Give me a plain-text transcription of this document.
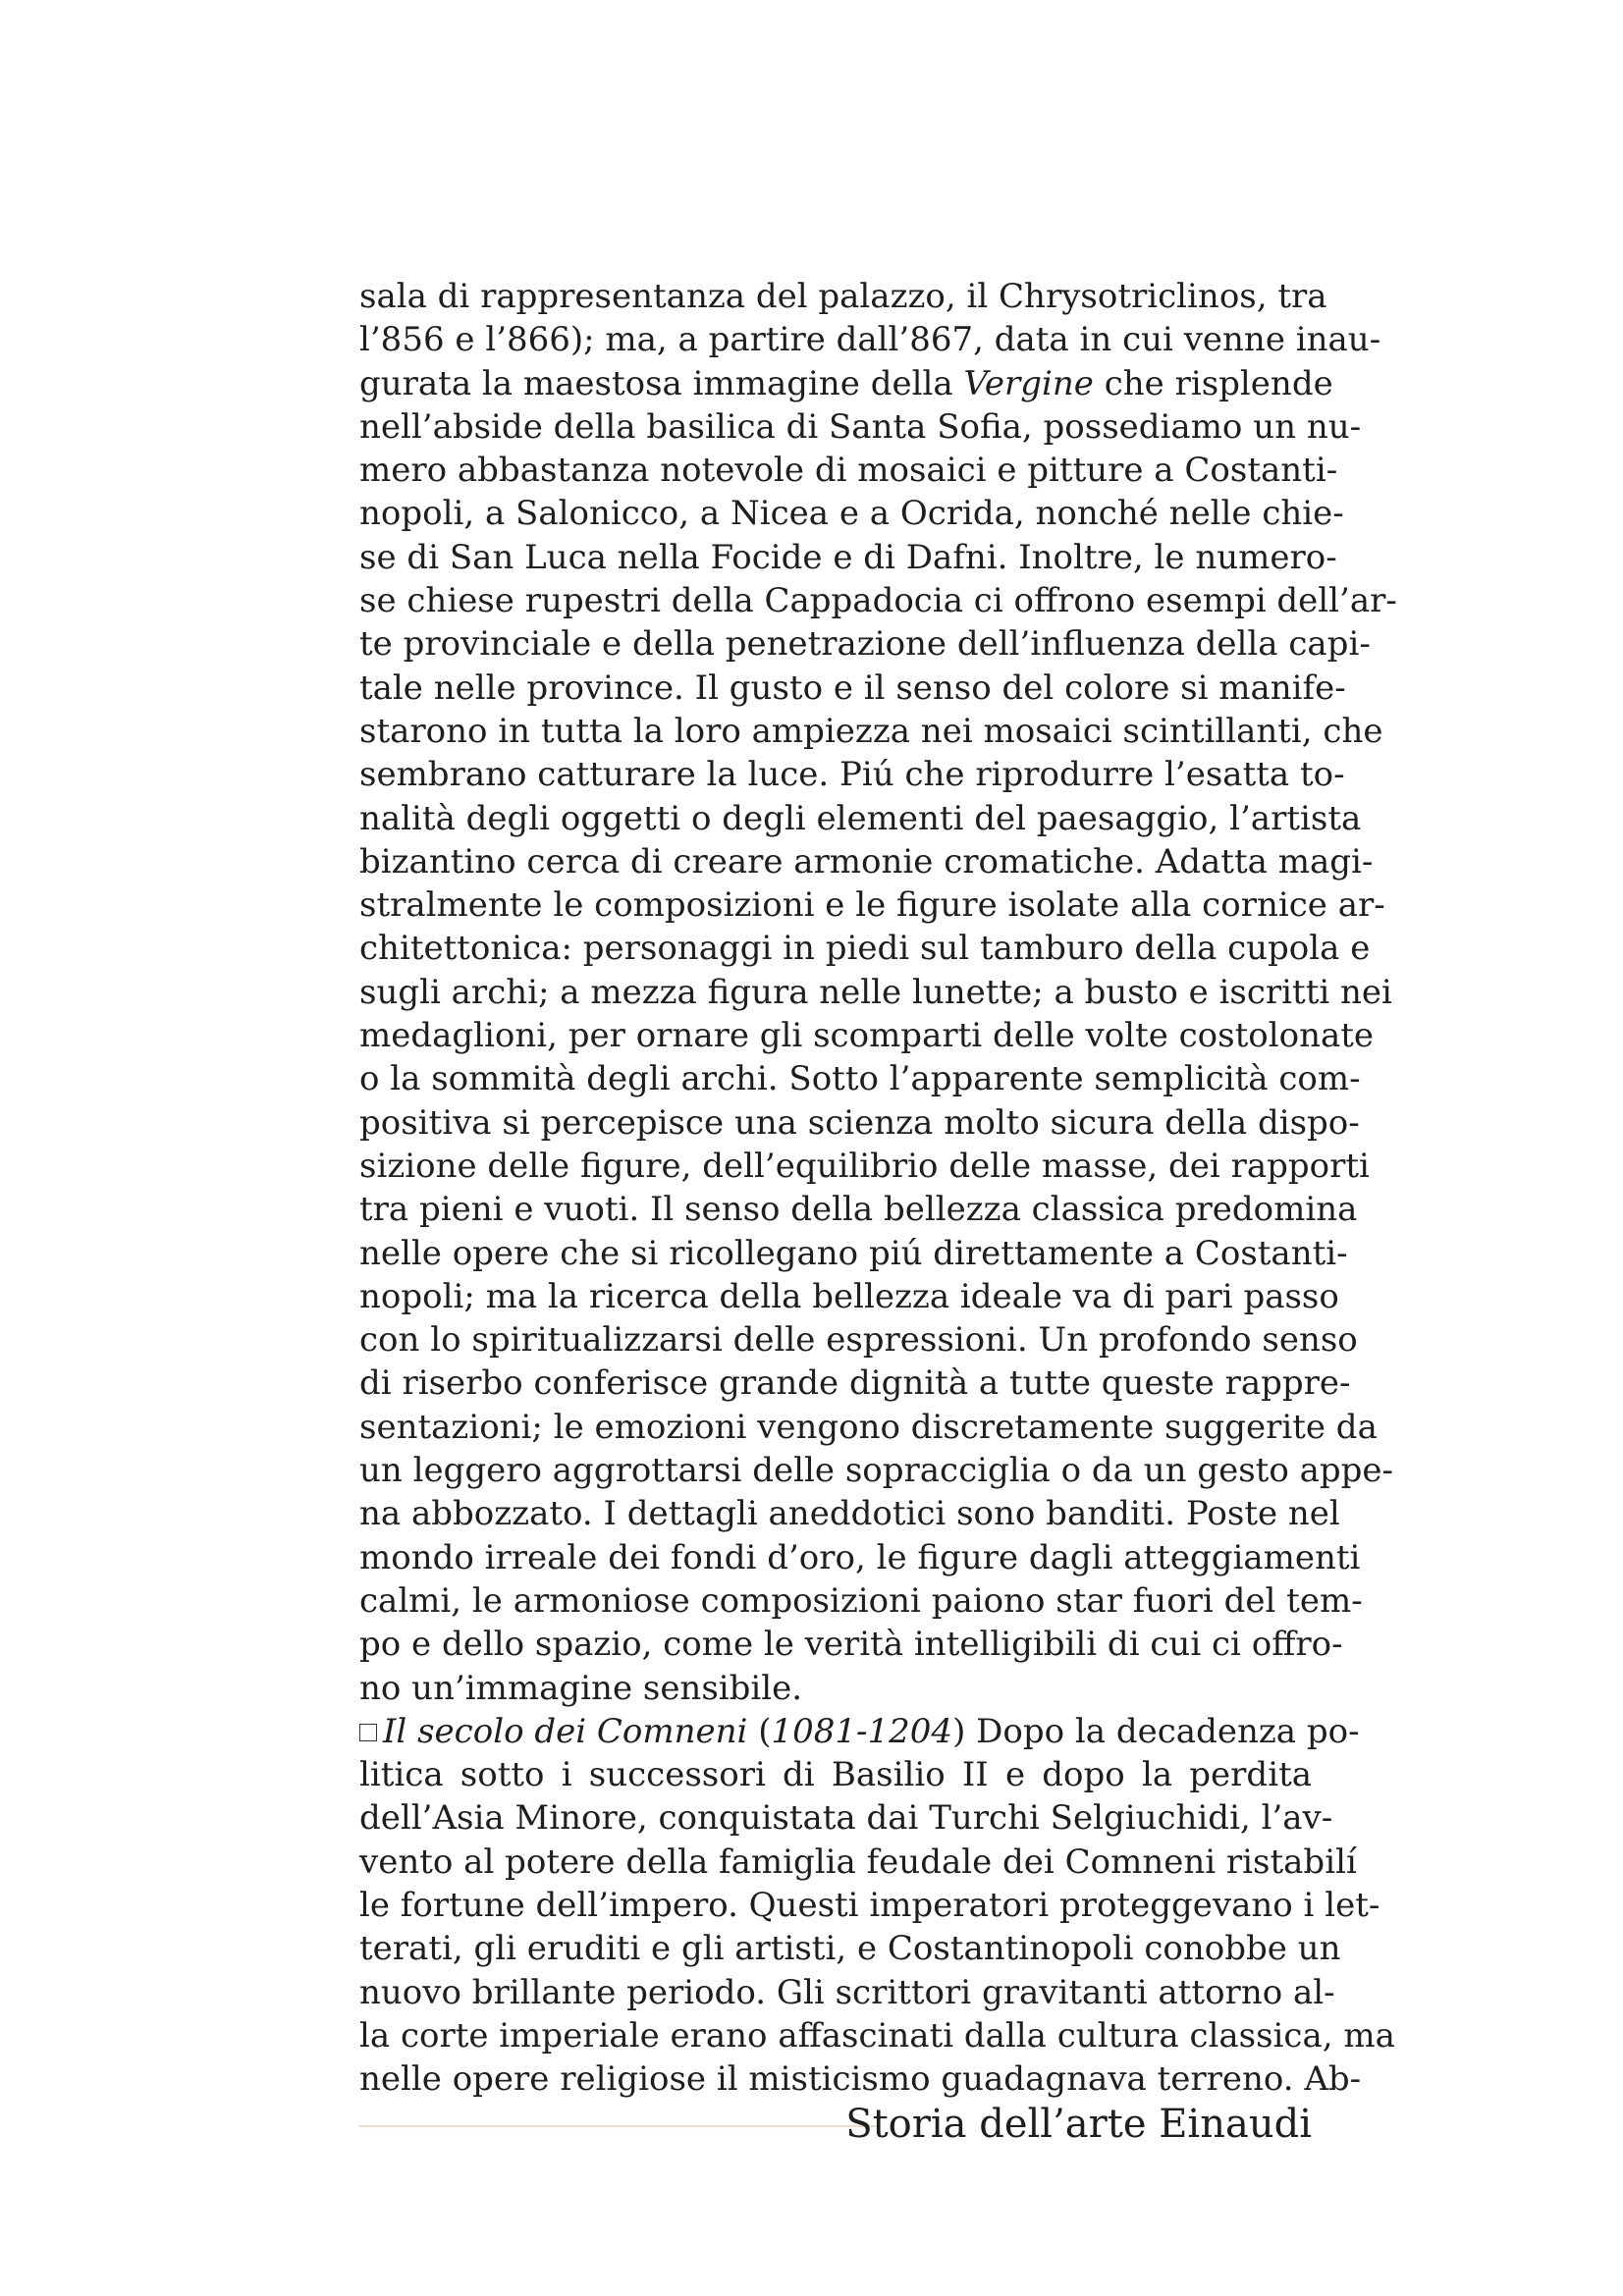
sala di rappresentanza del palazzo, il Chrysotriclinos, tra
l’856 e l’866); ma, a partire dall’867, data in cui venne inau-
gurata la maestosa immagine della Vergine che risplende
nell’abside della basilica di Santa Sofia, possediamo un nu-
mero abbastanza notevole di mosaici e pitture a Costanti-
nopoli, a Salonicco, a Nicea e a Ocrida, nonché nelle chie-
se di San Luca nella Focide e di Dafni. Inoltre, le numero-
se chiese rupestri della Cappadocia ci offrono esempi dell’ar-
te provinciale e della penetrazione dell’influenza della capi-
tale nelle province. Il gusto e il senso del colore si manife-
starono in tutta la loro ampiezza nei mosaici scintillanti, che
sembrano catturare la luce. Piú che riprodurre l’esatta to-
nalità degli oggetti o degli elementi del paesaggio, l’artista
bizantino cerca di creare armonie cromatiche. Adatta magi-
stralmente le composizioni e le figure isolate alla cornice ar-
chitettonica: personaggi in piedi sul tamburo della cupola e
sugli archi; a mezza figura nelle lunette; a busto e iscritti nei
medaglioni, per ornare gli scomparti delle volte costolonate
o la sommità degli archi. Sotto l’apparente semplicità com-
positiva si percepisce una scienza molto sicura della dispo-
sizione delle figure, dell’equilibrio delle masse, dei rapporti
tra pieni e vuoti. Il senso della bellezza classica predomina
nelle opere che si ricollegano piú direttamente a Costanti-
nopoli; ma la ricerca della bellezza ideale va di pari passo
con lo spiritualizzarsi delle espressioni. Un profondo senso
di riserbo conferisce grande dignità a tutte queste rappre-
sentazioni; le emozioni vengono discretamente suggerite da
un leggero aggrottarsi delle sopracciglia o da un gesto appe-
na abbozzato. I dettagli aneddotici sono banditi. Poste nel
mondo irreale dei fondi d’oro, le figure dagli atteggiamenti
calmi, le armoniose composizioni paiono star fuori del tem-
po e dello spazio, come le verità intelligibili di cui ci offro-
no un’immagine sensibile.
Il secolo dei Comneni (1081-1204) Dopo la decadenza po-
litica sotto i successori di Basilio II e dopo la perdita
dell’Asia Minore, conquistata dai Turchi Selgiuchidi, l’av-
vento al potere della famiglia feudale dei Comneni ristabilí
le fortune dell’impero. Questi imperatori proteggevano i let-
terati, gli eruditi e gli artisti, e Costantinopoli conobbe un
nuovo brillante periodo. Gli scrittori gravitanti attorno al-
la corte imperiale erano affascinati dalla cultura classica, ma
nelle opere religiose il misticismo guadagnava terreno. Ab-
Storia dell’arte Einaudi
